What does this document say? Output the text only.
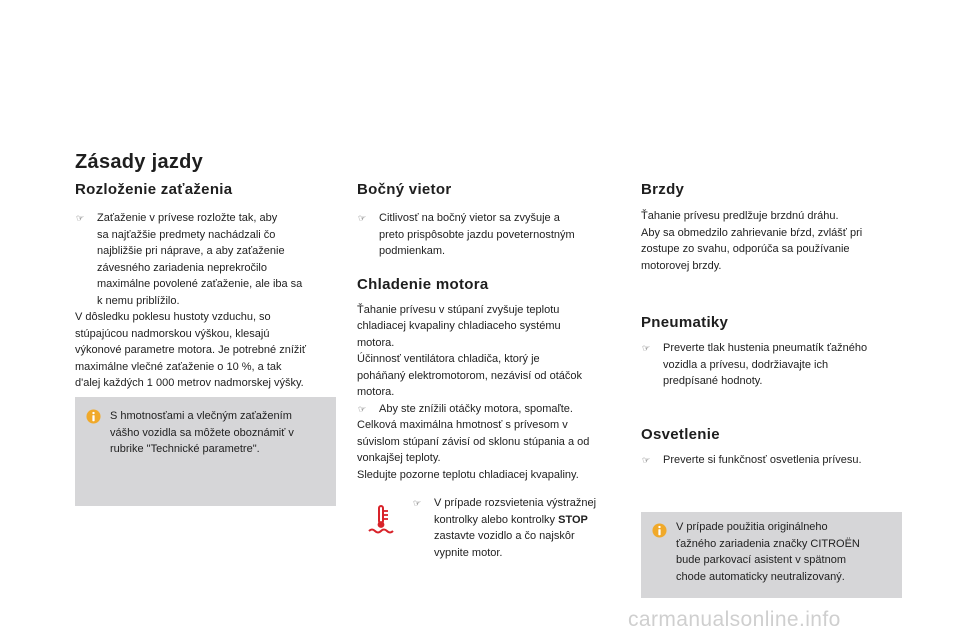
Zásady jazdy
Rozloženie zaťaženia
☞ Zaťaženie v prívese rozložte tak, aby
sa najťažšie predmety nachádzali čo
najbližšie pri náprave, a aby zaťaženie
závesného zariadenia neprekročilo
maximálne povolené zaťaženie, ale iba sa
k nemu priblížilo.

V dôsledku poklesu hustoty vzduchu, so

stúpajúcou nadmorskou výškou, klesajú

výkonové parametre motora. Je potrebné znížiť

maximálne vlečné zaťaženie o 10 %, a tak

d'alej každých 1 000 metrov nadmorskej výšky.

S hmotnosťami a vlečným zaťažením
vášho vozidla sa môžete oboznámiť v
rubrike "Technické parametre".
Bočný vietor
☞ Citlivosť na bočný vietor sa zvyšuje a
preto prispôsobte jazdu poveternostným
podmienkam.
Chladenie motora

Ťahanie prívesu v stúpaní zvyšuje teplotu

chladiacej kvapaliny chladiaceho systému

motora.

Účinnosť ventilátora chladiča, ktorý je

poháňaný elektromotorom, nezávisí od otáčok

motora.

☞ Aby ste znížili otáčky motora, spomaľte.

Celková maximálna hmotnosť s prívesom v

súvislom stúpaní závisí od sklonu stúpania a od

vonkajšej teploty.

Sledujte pozorne teplotu chladiacej kvapaliny.

☞ V prípade rozsvietenia výstražnej
kontrolky alebo kontrolky STOP
zastavte vozidlo a čo najskôr
vypnite motor.
Brzdy

Ťahanie prívesu predlžuje brzdnú dráhu.

Aby sa obmedzilo zahrievanie bŕzd, zvlášť pri

zostupe zo svahu, odporúča sa používanie

motorovej brzdy.

Pneumatiky
☞ Preverte tlak hustenia pneumatík ťažného
vozidla a prívesu, dodržiavajte ich
predpísané hodnoty.
Osvetlenie
☞ Preverte si funkčnosť osvetlenia prívesu.
V prípade použitia originálneho
ťažného zariadenia značky CITROËN
bude parkovací asistent v spätnom
chode automaticky neutralizovaný.
carmanualsonline.info
